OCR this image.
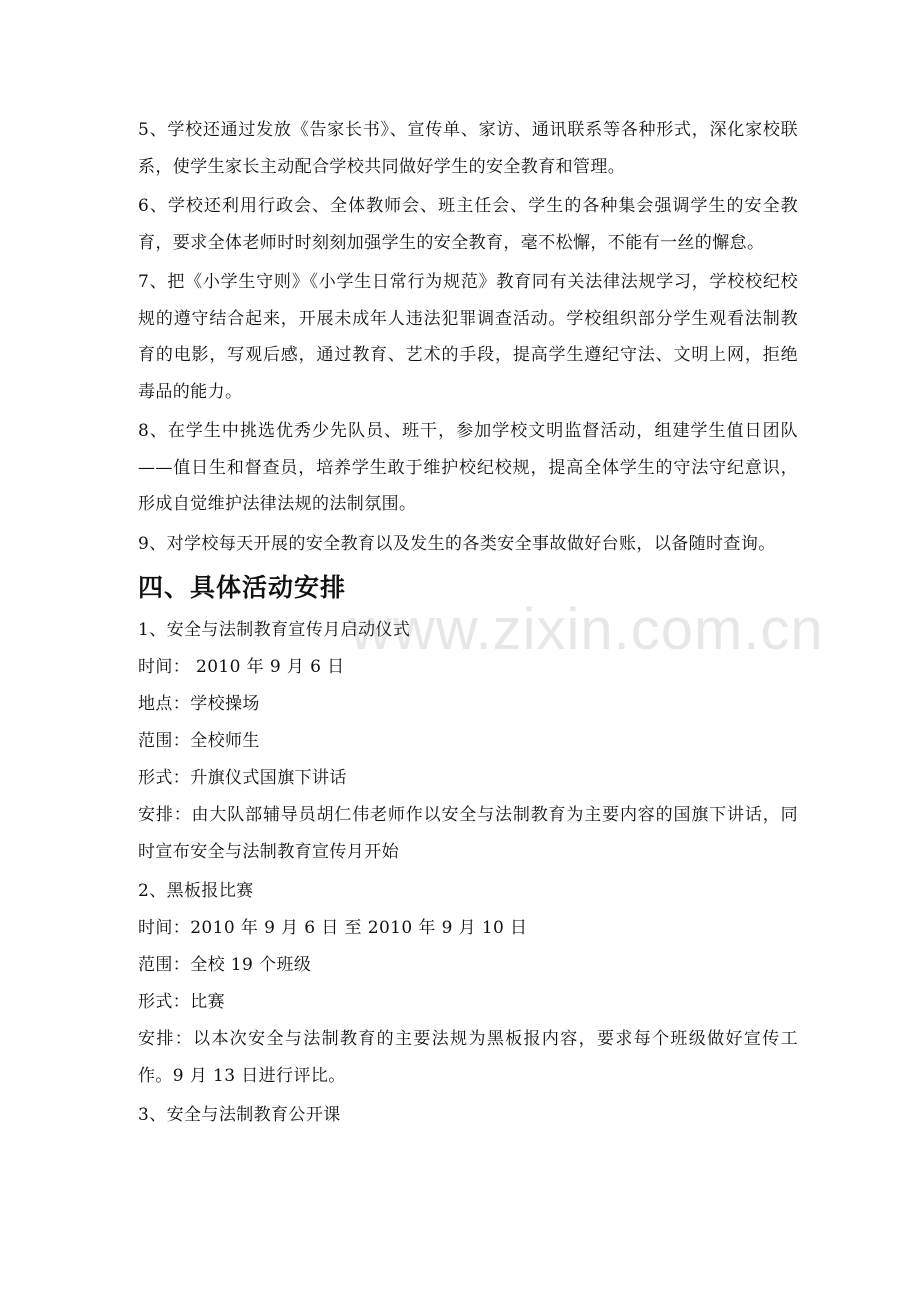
www.zixin.com.cn

5、学校还通过发放《告家长书》、宣传单、家访、通讯联系等各种形式，深化家校联系，使学生家长主动配合学校共同做好学生的安全教育和管理。

6、学校还利用行政会、全体教师会、班主任会、学生的各种集会强调学生的安全教育，要求全体老师时时刻刻加强学生的安全教育，毫不松懈，不能有一丝的懈怠。

7、把《小学生守则》《小学生日常行为规范》教育同有关法律法规学习，学校校纪校规的遵守结合起来，开展未成年人违法犯罪调查活动。学校组织部分学生观看法制教育的电影，写观后感，通过教育、艺术的手段，提高学生遵纪守法、文明上网，拒绝毒品的能力。

8、在学生中挑选优秀少先队员、班干，参加学校文明监督活动，组建学生值日团队——值日生和督查员，培养学生敢于维护校纪校规，提高全体学生的守法守纪意识，形成自觉维护法律法规的法制氛围。

9、对学校每天开展的安全教育以及发生的各类安全事故做好台账，以备随时查询。

四、具体活动安排
1、安全与法制教育宣传月启动仪式
时间： 2010 年 9 月 6 日
地点：学校操场
范围：全校师生
形式：升旗仪式国旗下讲话

安排：由大队部辅导员胡仁伟老师作以安全与法制教育为主要内容的国旗下讲话，同时宣布安全与法制教育宣传月开始

2、黑板报比赛
时间：2010 年 9 月 6 日 至 2010 年 9 月 10 日
范围：全校 19 个班级
形式：比赛

安排：以本次安全与法制教育的主要法规为黑板报内容，要求每个班级做好宣传工作。9 月 13 日进行评比。

3、安全与法制教育公开课
